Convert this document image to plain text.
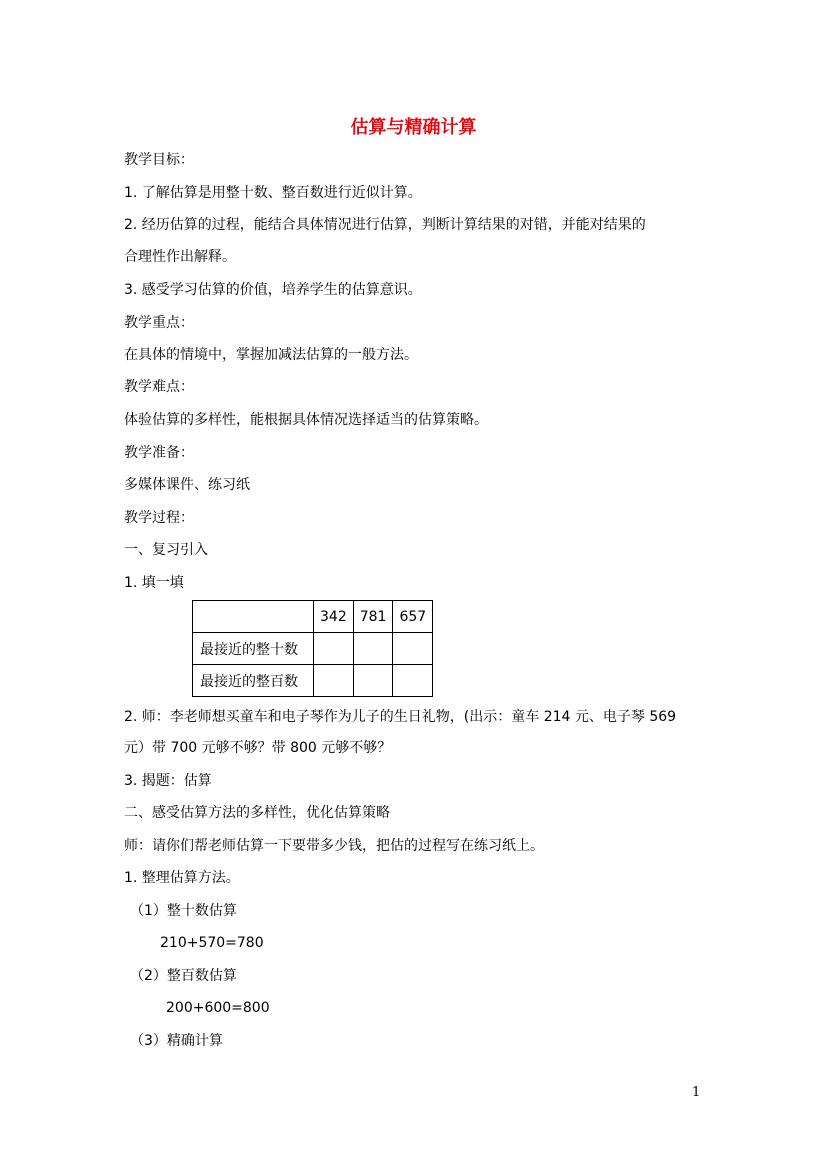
估算与精确计算
教学目标：
1. 了解估算是用整十数、整百数进行近似计算。
2. 经历估算的过程，能结合具体情况进行估算，判断计算结果的对错，并能对结果的
合理性作出解释。
3. 感受学习估算的价值，培养学生的估算意识。
教学重点：
在具体的情境中，掌握加减法估算的一般方法。
教学难点：
体验估算的多样性，能根据具体情况选择适当的估算策略。
教学准备：
多媒体课件、练习纸
教学过程：
一、复习引入
1. 填一填
	342	781	657
最接近的整十数			
最接近的整百数			
2. 师：李老师想买童车和电子琴作为儿子的生日礼物，(出示：童车 214 元、电子琴 569
元）带 700 元够不够？带 800 元够不够？
3. 揭题：估算
二、感受估算方法的多样性，优化估算策略
师：请你们帮老师估算一下要带多少钱，把估的过程写在练习纸上。
1. 整理估算方法。
（1）整十数估算
210+570=780
（2）整百数估算
200+600=800
（3）精确计算
1
